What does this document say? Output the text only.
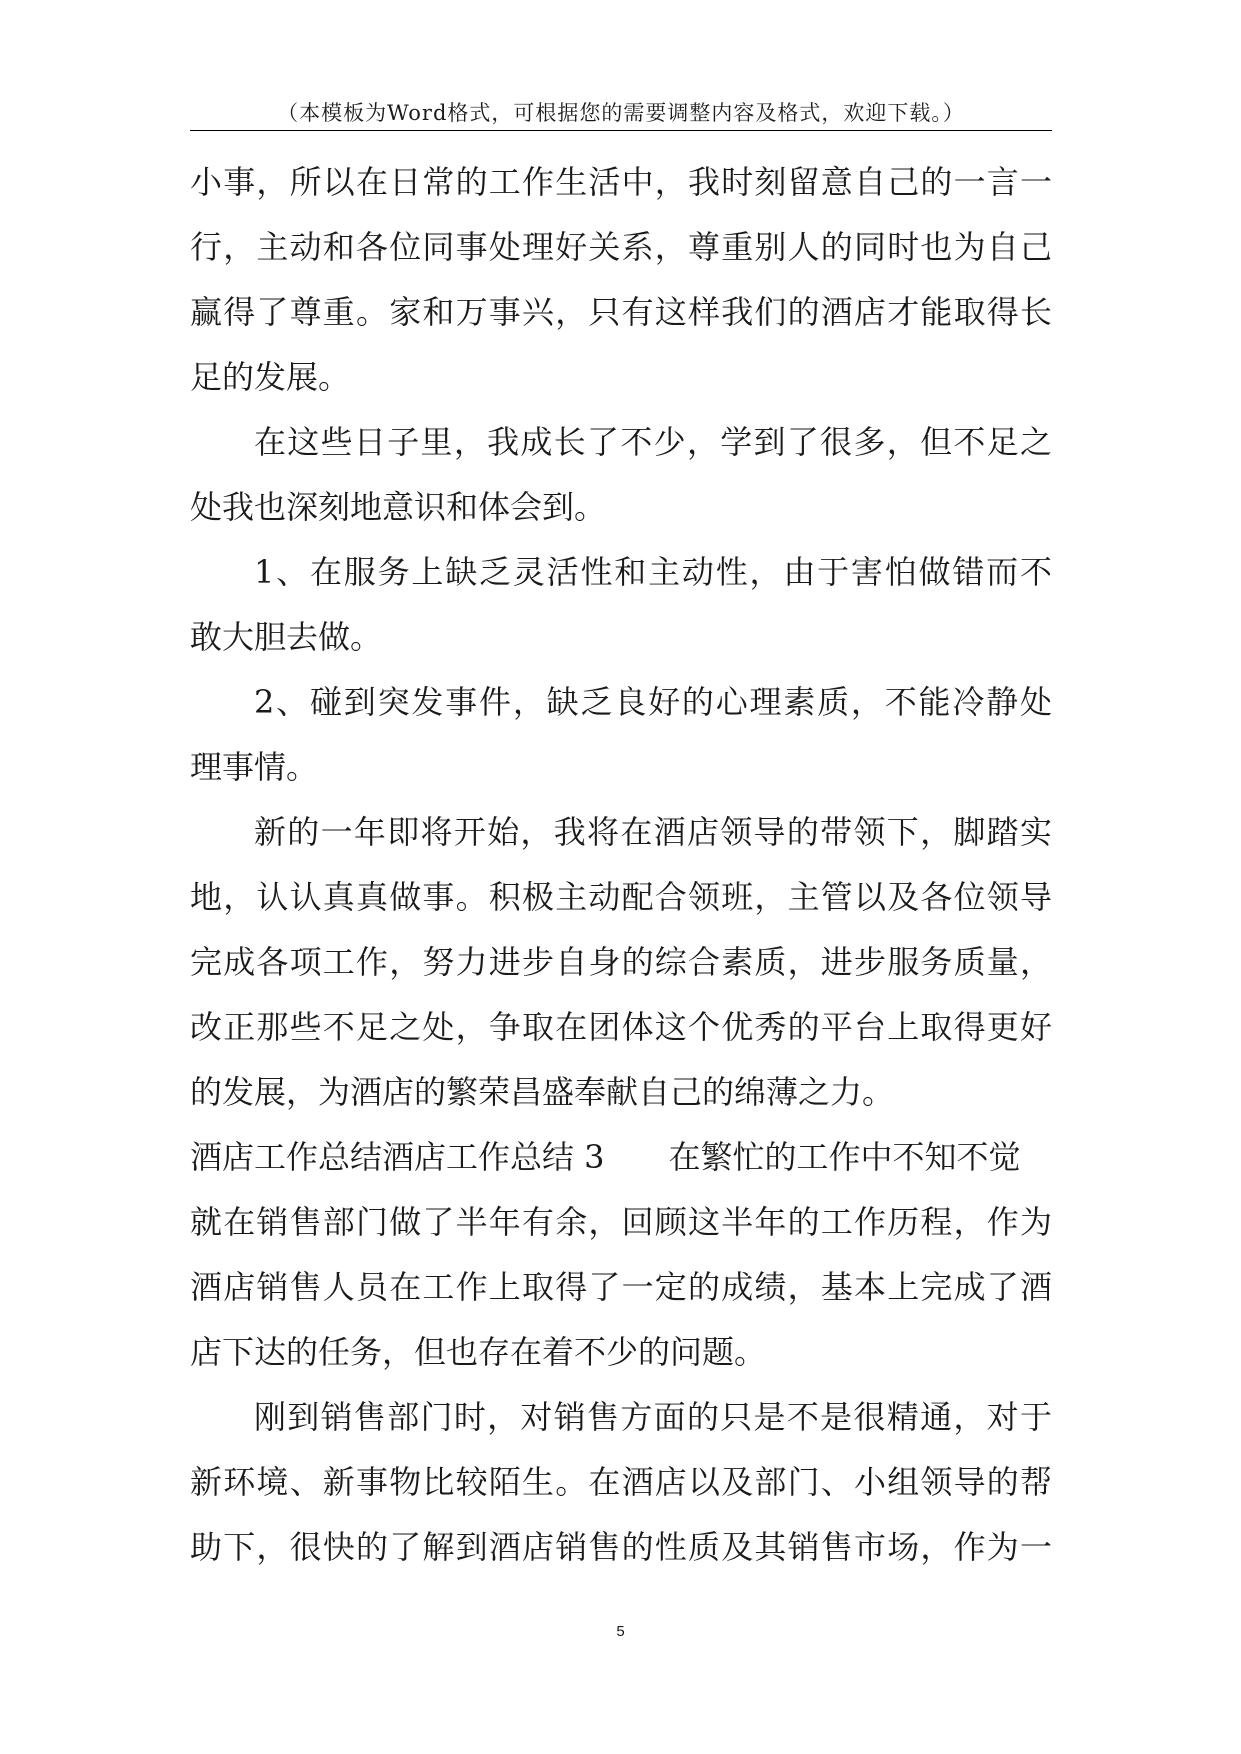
（本模板为Word格式，可根据您的需要调整内容及格式，欢迎下载。）
小事，所以在日常的工作生活中，我时刻留意自己的一言一
行，主动和各位同事处理好关系，尊重别人的同时也为自己
赢得了尊重。家和万事兴，只有这样我们的酒店才能取得长
足的发展。
在这些日子里，我成长了不少，学到了很多，但不足之
处我也深刻地意识和体会到。
1、在服务上缺乏灵活性和主动性，由于害怕做错而不
敢大胆去做。
2、碰到突发事件，缺乏良好的心理素质，不能冷静处
理事情。
新的一年即将开始，我将在酒店领导的带领下，脚踏实
地，认认真真做事。积极主动配合领班，主管以及各位领导
完成各项工作，努力进步自身的综合素质，进步服务质量，
改正那些不足之处，争取在团体这个优秀的平台上取得更好
的发展，为酒店的繁荣昌盛奉献自己的绵薄之力。
酒店工作总结酒店工作总结 3　　在繁忙的工作中不知不觉
就在销售部门做了半年有余，回顾这半年的工作历程，作为
酒店销售人员在工作上取得了一定的成绩，基本上完成了酒
店下达的任务，但也存在着不少的问题。
刚到销售部门时，对销售方面的只是不是很精通，对于
新环境、新事物比较陌生。在酒店以及部门、小组领导的帮
助下，很快的了解到酒店销售的性质及其销售市场，作为一
5
